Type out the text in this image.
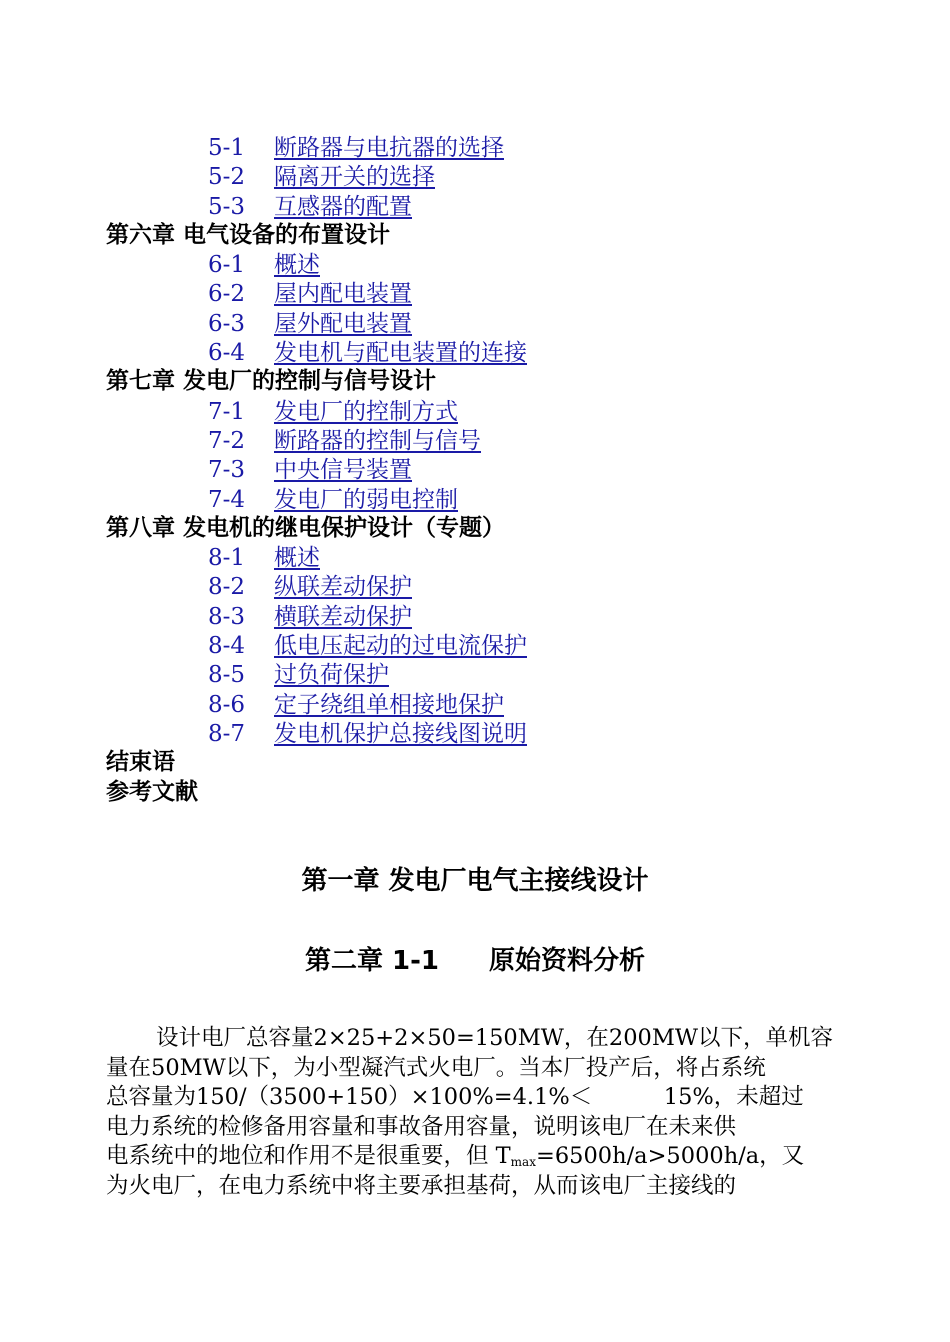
5-1 断路器与电抗器的选择
5-2 隔离开关的选择
5-3 互感器的配置
第六章 电气设备的布置设计
6-1 概述
6-2 屋内配电装置
6-3 屋外配电装置
6-4 发电机与配电装置的连接
第七章 发电厂的控制与信号设计
7-1 发电厂的控制方式
7-2 断路器的控制与信号
7-3 中央信号装置
7-4 发电厂的弱电控制
第八章 发电机的继电保护设计（专题）
8-1 概述
8-2 纵联差动保护
8-3 横联差动保护
8-4 低电压起动的过电流保护
8-5 过负荷保护
8-6 定子绕组单相接地保护
8-7 发电机保护总接线图说明
结束语
参考文献
第一章 发电厂电气主接线设计
第二章 1-1 原始资料分析
设计电厂总容量2×25+2×50=150MW，在200MW以下，单机容
量在50MW以下，为小型凝汽式火电厂。当本厂投产后，将占系统
总容量为150/（3500+150）×100%=4.1%＜          15%，未超过
电力系统的检修备用容量和事故备用容量，说明该电厂在未来供
电系统中的地位和作用不是很重要，但 $T_{max}=6500h/a>5000h/a$，又
为火电厂，在电力系统中将主要承担基荷，从而该电厂主接线的
